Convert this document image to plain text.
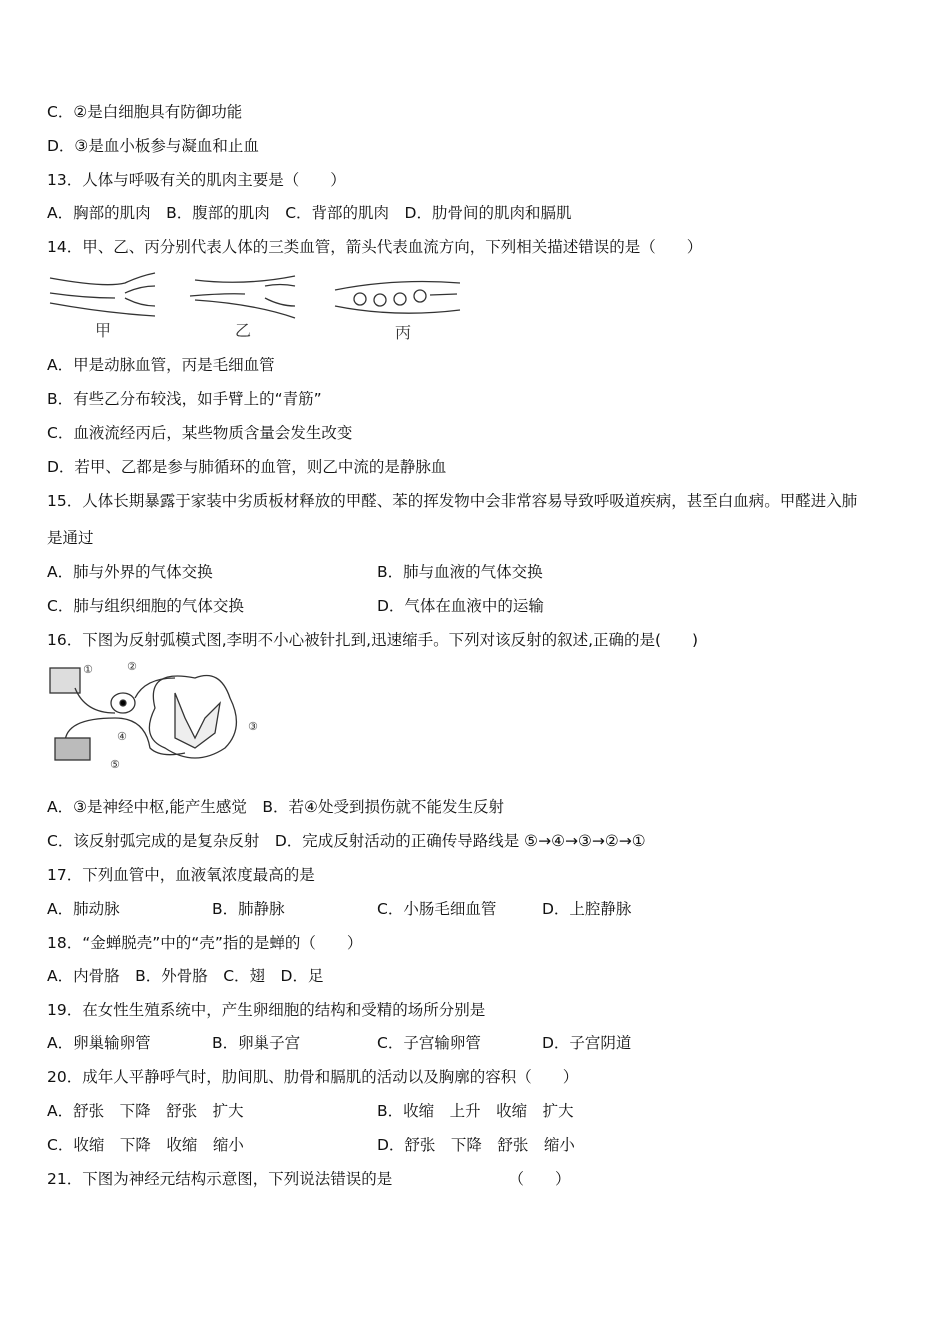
C．②是白细胞具有防御功能
D．③是血小板参与凝血和止血
13．人体与呼吸有关的肌肉主要是（　　）
A．胸部的肌肉　B．腹部的肌肉　C．背部的肌肉　D．肋骨间的肌肉和膈肌
14．甲、乙、丙分别代表人体的三类血管，箭头代表血流方向，下列相关描述错误的是（　　）
甲	乙	丙
A．甲是动脉血管，丙是毛细血管
B．有些乙分布较浅，如手臂上的“青筋”
C．血液流经丙后，某些物质含量会发生改变
D．若甲、乙都是参与肺循环的血管，则乙中流的是静脉血
15．人体长期暴露于家装中劣质板材释放的甲醛、苯的挥发物中会非常容易导致呼吸道疾病，甚至白血病。甲醛进入肺
是通过
A．肺与外界的气体交换	B．肺与血液的气体交换
C．肺与组织细胞的气体交换	D．气体在血液中的运输
16．下图为反射弧模式图,李明不小心被针扎到,迅速缩手。下列对该反射的叙述,正确的是(　　)
①	②
③
④
⑤
A．③是神经中枢,能产生感觉　B．若④处受到损伤就不能发生反射
C．该反射弧完成的是复杂反射　D．完成反射活动的正确传导路线是 ⑤→④→③→②→①
17．下列血管中，血液氧浓度最高的是
A．肺动脉	B．肺静脉	C．小肠毛细血管	D．上腔静脉
18．“金蝉脱壳”中的“壳”指的是蝉的（　　）
A．内骨胳　B．外骨胳　C．翅　D．足
19．在女性生殖系统中，产生卵细胞的结构和受精的场所分别是
A．卵巢输卵管	B．卵巢子宫	C．子宫输卵管	D．子宫阴道
20．成年人平静呼气时，肋间肌、肋骨和膈肌的活动以及胸廓的容积（　　）
A．舒张　下降　舒张　扩大	B．收缩　上升　收缩　扩大
C．收缩　下降　收缩　缩小	D．舒张　下降　舒张　缩小
21．下图为神经元结构示意图，下列说法错误的是　　　　　　　　（　　）
